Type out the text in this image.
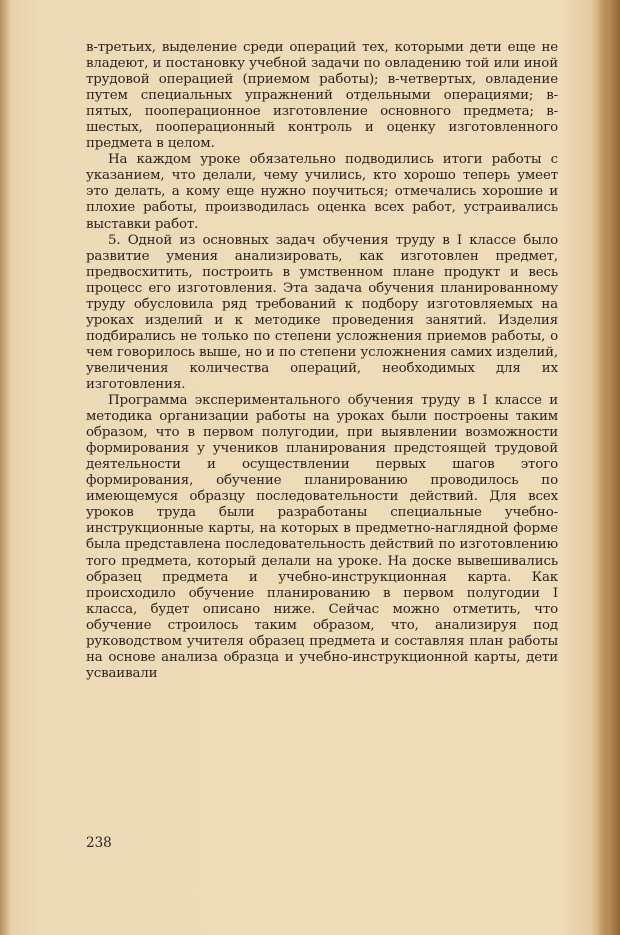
в-третьих, выделение среди операций тех, которыми дети еще не владеют, и постановку учебной задачи по овладению той или иной трудовой операцией (приемом работы); в-четвертых, овладение путем специальных упражнений отдельными операциями; в-пятых, пооперационное изготовление основного предмета; в-шестых, пооперационный контроль и оценку изготовленного предмета в целом.

На каждом уроке обязательно подводились итоги работы с указанием, что делали, чему учились, кто хорошо теперь умеет это делать, а кому еще нужно поучиться; отмечались хорошие и плохие работы, производилась оценка всех работ, устраивались выставки работ.

5. Одной из основных задач обучения труду в I классе было развитие умения анализировать, как изготовлен предмет, предвосхитить, построить в умственном плане продукт и весь процесс его изготовления. Эта задача обучения планированному труду обусловила ряд требований к подбору изготовляемых на уроках изделий и к методике проведения занятий. Изделия подбирались не только по степени усложнения приемов работы, о чем говорилось выше, но и по степени усложнения самих изделий, увеличения количества операций, необходимых для их изготовления.

Программа экспериментального обучения труду в I классе и методика организации работы на уроках были построены таким образом, что в первом полугодии, при выявлении возможности формирования у учеников планирования предстоящей трудовой деятельности и осуществлении первых шагов этого формирования, обучение планированию проводилось по имеющемуся образцу последовательности действий. Для всех уроков труда были разработаны специальные учебно-инструкционные карты, на которых в предметно-наглядной форме была представлена последовательность действий по изготовлению того предмета, который делали на уроке. На доске вывешивались образец предмета и учебно-инструкционная карта. Как происходило обучение планированию в первом полугодии I класса, будет описано ниже. Сейчас можно отметить, что обучение строилось таким образом, что, анализируя под руководством учителя образец предмета и составляя план работы на основе анализа образца и учебно-инструкционной карты, дети усваивали

238
